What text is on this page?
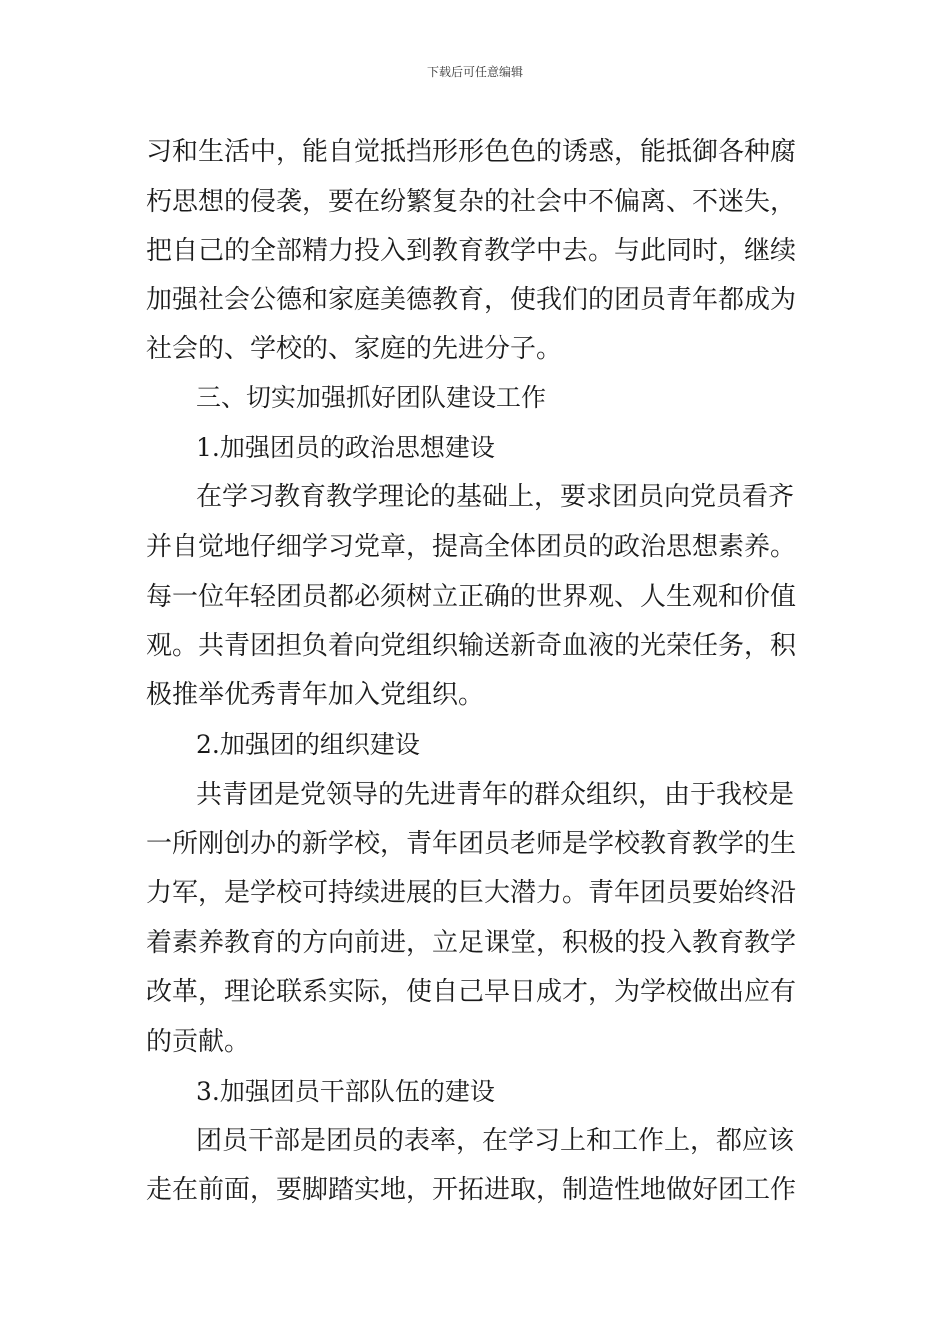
下载后可任意编辑
习和生活中，能自觉抵挡形形色色的诱惑，能抵御各种腐
朽思想的侵袭，要在纷繁复杂的社会中不偏离、不迷失，
把自己的全部精力投入到教育教学中去。与此同时，继续
加强社会公德和家庭美德教育，使我们的团员青年都成为
社会的、学校的、家庭的先进分子。
三、切实加强抓好团队建设工作
1.加强团员的政治思想建设
在学习教育教学理论的基础上，要求团员向党员看齐
并自觉地仔细学习党章，提高全体团员的政治思想素养。
每一位年轻团员都必须树立正确的世界观、人生观和价值
观。共青团担负着向党组织输送新奇血液的光荣任务，积
极推举优秀青年加入党组织。
2.加强团的组织建设
共青团是党领导的先进青年的群众组织，由于我校是
一所刚创办的新学校，青年团员老师是学校教育教学的生
力军，是学校可持续进展的巨大潜力。青年团员要始终沿
着素养教育的方向前进，立足课堂，积极的投入教育教学
改革，理论联系实际，使自己早日成才，为学校做出应有
的贡献。
3.加强团员干部队伍的建设
团员干部是团员的表率，在学习上和工作上，都应该
走在前面，要脚踏实地，开拓进取，制造性地做好团工作
